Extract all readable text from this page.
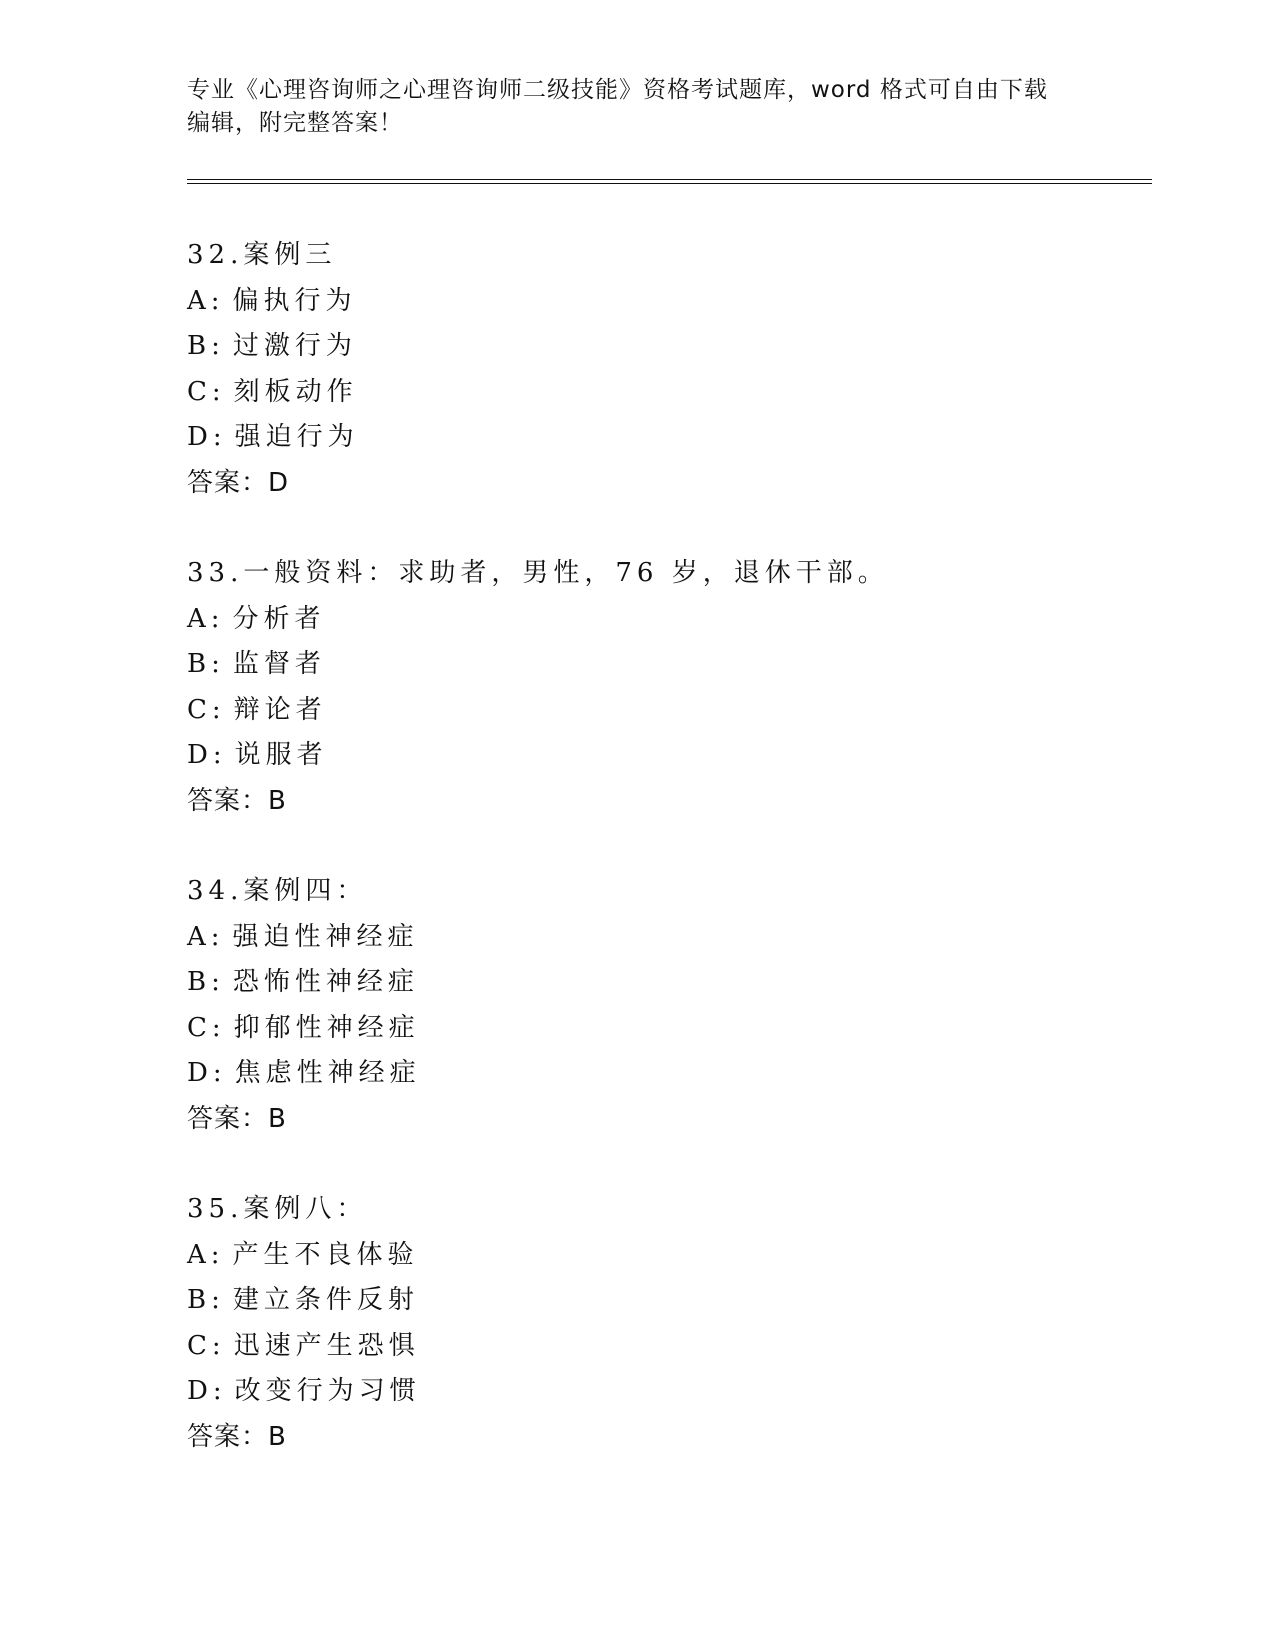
专业《心理咨询师之心理咨询师二级技能》资格考试题库，word 格式可自由下载
编辑，附完整答案！
32.案例三
A: 偏执行为
B: 过激行为
C: 刻板动作
D: 强迫行为
答案：D
33.一般资料：求助者，男性，76 岁，退休干部。
A: 分析者
B: 监督者
C: 辩论者
D: 说服者
答案：B
34.案例四：
A: 强迫性神经症
B: 恐怖性神经症
C: 抑郁性神经症
D: 焦虑性神经症
答案：B
35.案例八：
A: 产生不良体验
B: 建立条件反射
C: 迅速产生恐惧
D: 改变行为习惯
答案：B
